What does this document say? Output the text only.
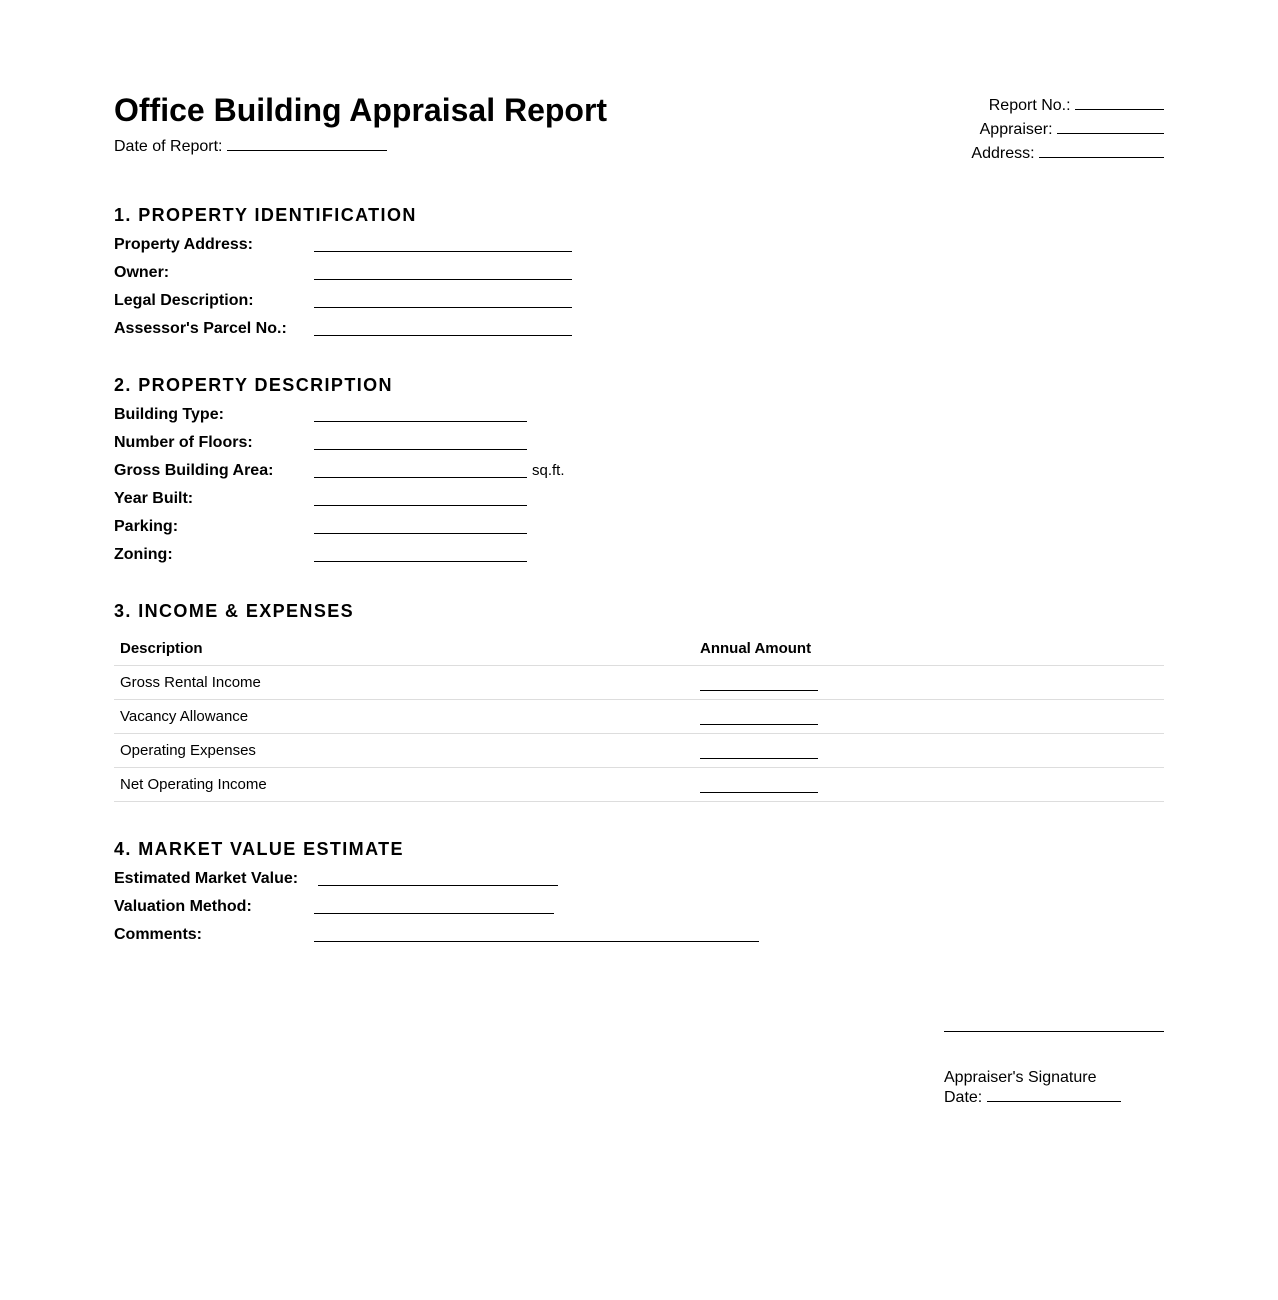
Office Building Appraisal Report
Date of Report:
Report No.:
Appraiser:
Address:
1. PROPERTY IDENTIFICATION
Property Address:
Owner:
Legal Description:
Assessor's Parcel No.:
2. PROPERTY DESCRIPTION
Building Type:
Number of Floors:
Gross Building Area:	sq.ft.
Year Built:
Parking:
Zoning:
3. INCOME & EXPENSES
Description	Annual Amount
Gross Rental Income	
Vacancy Allowance	
Operating Expenses	
Net Operating Income	
4. MARKET VALUE ESTIMATE
Estimated Market Value:
Valuation Method:
Comments:
Appraiser's Signature
Date:
